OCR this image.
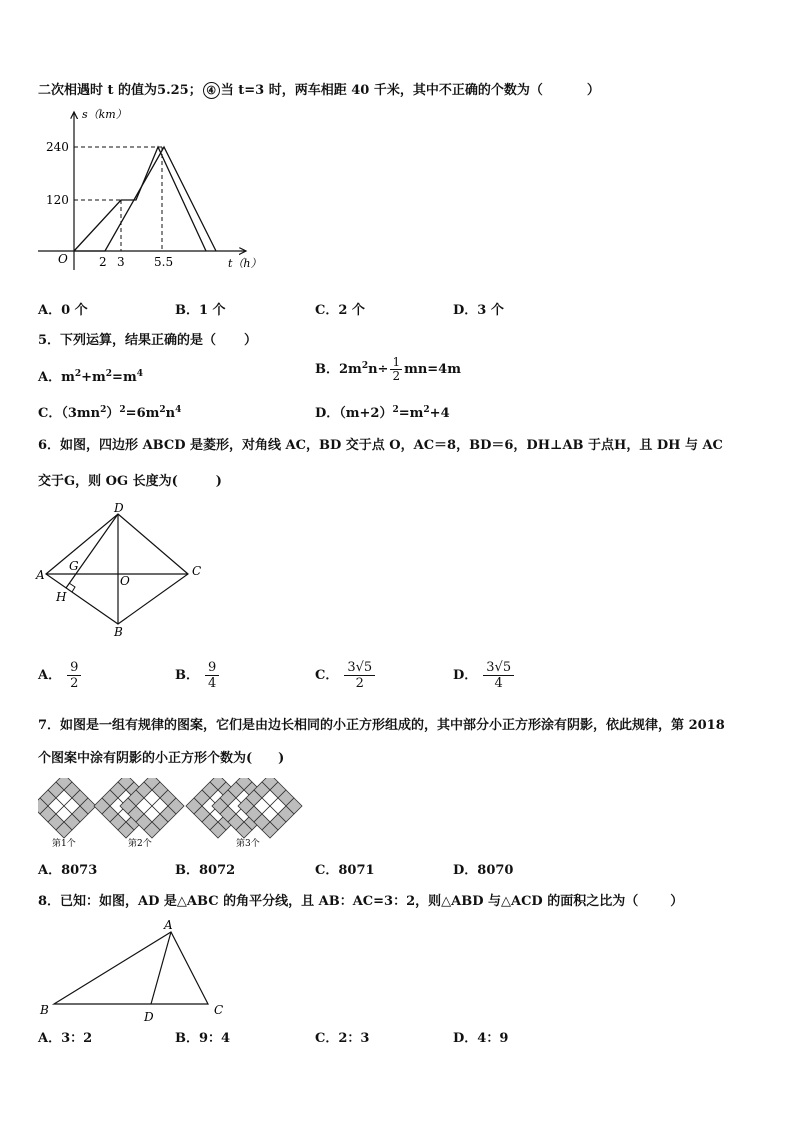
二次相遇时 t 的值为5.25； ④ 当 t=3 时，两车相距 40 千米，其中不正确的个数为（	）
s（km）
240
120
O	2 3 5.5	t（h）
A．0 个	B．1 个	C．2 个	D．3 个
5．下列运算，结果正确的是（ ）
A．$m^2+m^2=m^4$	B．$2m^2n\div \frac{1}{2} mn=4m$
C．$(3mn^2)^2=6m^2n^4$	D．$(m+2)^2=m^2+4$
6．如图，四边形 ABCD 是菱形，对角线 AC，BD 交于点 O，AC＝8，BD＝6，DH⊥AB 于点H，且 DH 与 AC
交于G，则 OG 长度为(	)
D
A	C
B
O
G
H
A． $\frac{9}{2}$	B． $\frac{9}{4}$	C． $\frac{3√5}{2}$	D． $\frac{3√5}{4}$
7．如图是一组有规律的图案，它们是由边长相同的小正方形组成的，其中部分小正方形涂有阴影，依此规律，第 2018
个图案中涂有阴影的小正方形个数为( )
第1个	第2个	第3个
A．8073	B．8072	C．8071	D．8070
8．已知：如图，AD 是△ABC 的角平分线，且 AB：AC=3：2，则△ABD 与△ACD 的面积之比为（ ）
A
B	C
D
A．3：2	B．9：4	C．2：3	D．4：9
